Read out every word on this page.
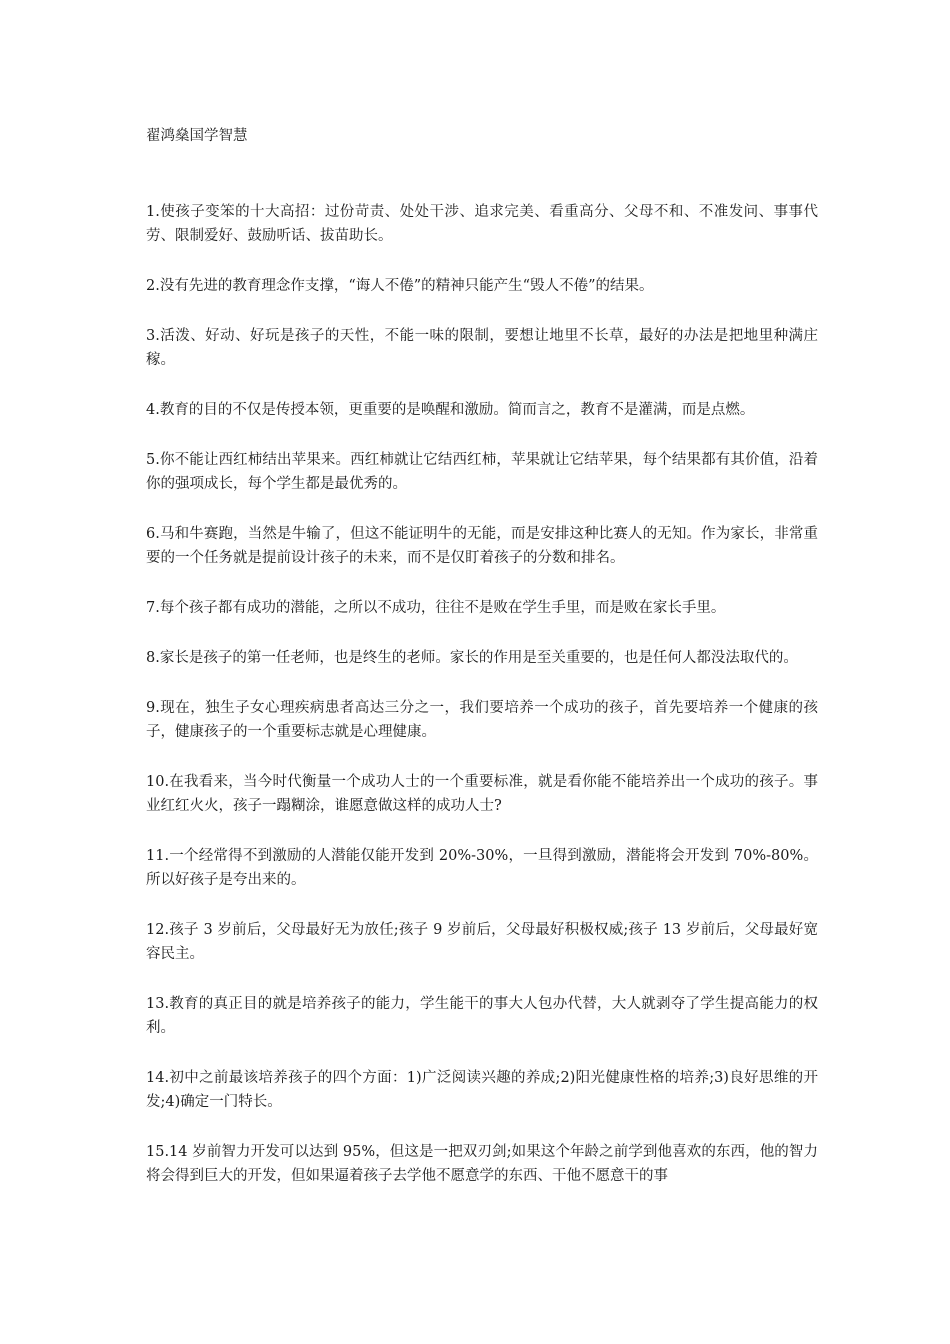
翟鸿燊国学智慧

1.使孩子变笨的十大高招：过份苛责、处处干涉、追求完美、看重高分、父母不和、不准发问、事事代劳、限制爱好、鼓励听话、拔苗助长。

2.没有先进的教育理念作支撑，“诲人不倦”的精神只能产生“毁人不倦”的结果。

3.活泼、好动、好玩是孩子的天性，不能一味的限制，要想让地里不长草，最好的办法是把地里种满庄稼。

4.教育的目的不仅是传授本领，更重要的是唤醒和激励。简而言之，教育不是灌满，而是点燃。

5.你不能让西红柿结出苹果来。西红柿就让它结西红柿，苹果就让它结苹果，每个结果都有其价值，沿着你的强项成长，每个学生都是最优秀的。

6.马和牛赛跑，当然是牛输了，但这不能证明牛的无能，而是安排这种比赛人的无知。作为家长，非常重要的一个任务就是提前设计孩子的未来，而不是仅盯着孩子的分数和排名。

7.每个孩子都有成功的潜能，之所以不成功，往往不是败在学生手里，而是败在家长手里。

8.家长是孩子的第一任老师，也是终生的老师。家长的作用是至关重要的，也是任何人都没法取代的。

9.现在，独生子女心理疾病患者高达三分之一，我们要培养一个成功的孩子，首先要培养一个健康的孩子，健康孩子的一个重要标志就是心理健康。

10.在我看来，当今时代衡量一个成功人士的一个重要标准，就是看你能不能培养出一个成功的孩子。事业红红火火，孩子一蹋糊涂，谁愿意做这样的成功人士?

11.一个经常得不到激励的人潜能仅能开发到 20%-30%，一旦得到激励，潜能将会开发到 70%-80%。所以好孩子是夸出来的。

12.孩子 3 岁前后，父母最好无为放任;孩子 9 岁前后，父母最好积极权威;孩子 13 岁前后，父母最好宽容民主。

13.教育的真正目的就是培养孩子的能力，学生能干的事大人包办代替，大人就剥夺了学生提高能力的权利。

14.初中之前最该培养孩子的四个方面：1)广泛阅读兴趣的养成;2)阳光健康性格的培养;3)良好思维的开发;4)确定一门特长。

15.14 岁前智力开发可以达到 95%，但这是一把双刃剑;如果这个年龄之前学到他喜欢的东西，他的智力将会得到巨大的开发，但如果逼着孩子去学他不愿意学的东西、干他不愿意干的事
